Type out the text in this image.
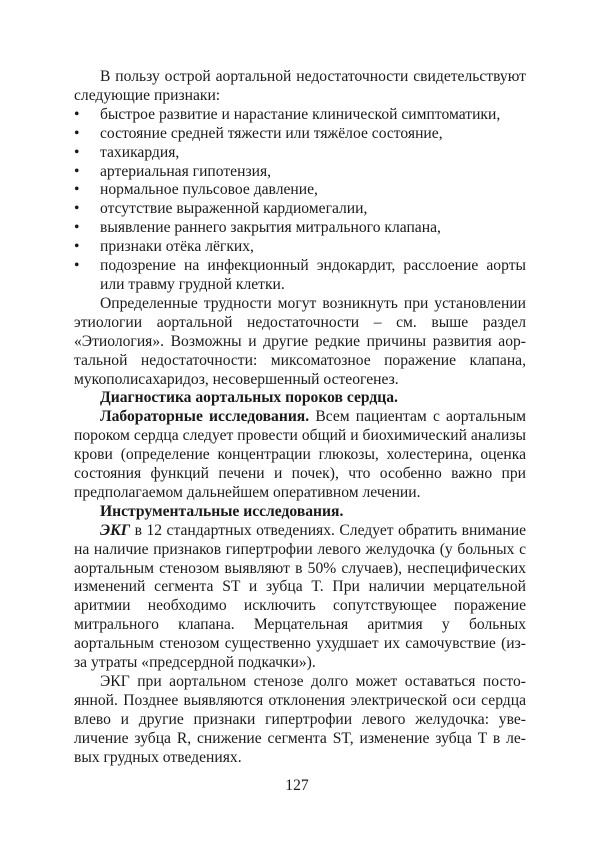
В пользу острой аортальной недостаточности свидетельствуют следующие признаки:

• быстрое развитие и нарастание клинической симптоматики,
• состояние средней тяжести или тяжёлое состояние,
• тахикардия,
• артериальная гипотензия,
• нормальное пульсовое давление,
• отсутствие выраженной кардиомегалии,
• выявление раннего закрытия митрального клапана,
• признаки отёка лёгких,
• подозрение на инфекционный эндокардит, расслоение аорты или травму грудной клетки.

Определенные трудности могут возникнуть при установлении этиологии аортальной недостаточности – см. выше раздел «Этиология». Возможны и другие редкие причины развития аортальной недостаточности: миксоматозное поражение клапана, мукополисахаридоз, несовершенный остеогенез.

Диагностика аортальных пороков сердца.

Лабораторные исследования. Всем пациентам с аортальным пороком сердца следует провести общий и биохимический анализы крови (определение концентрации глюкозы, холестерина, оценка состояния функций печени и почек), что особенно важно при предполагаемом дальнейшем оперативном лечении.

Инструментальные исследования.

ЭКГ в 12 стандартных отведениях. Следует обратить внимание на наличие признаков гипертрофии левого желудочка (у больных с аортальным стенозом выявляют в 50% случаев), неспецифических изменений сегмента ST и зубца T. При наличии мерцательной аритмии необходимо исключить сопутствующее поражение митрального клапана. Мерцательная аритмия у больных аортальным стенозом существенно ухудшает их самочувствие (из-за утраты «предсердной подкачки»).

ЭКГ при аортальном стенозе долго может оставаться постоянной. Позднее выявляются отклонения электрической оси сердца влево и другие признаки гипертрофии левого желудочка: увеличение зубца R, снижение сегмента ST, изменение зубца T в левых грудных отведениях.

127
